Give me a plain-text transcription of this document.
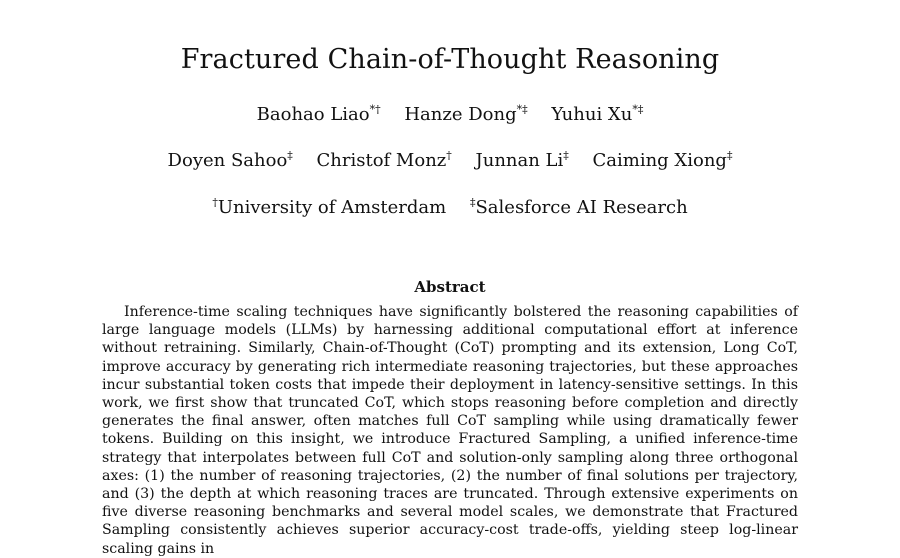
Fractured Chain-of-Thought Reasoning
Baohao Liao*† Hanze Dong*‡ Yuhui Xu*‡
Doyen Sahoo‡ Christof Monz† Junnan Li‡ Caiming Xiong‡
†University of Amsterdam ‡Salesforce AI Research
Abstract
Inference-time scaling techniques have significantly bolstered the reasoning capabilities of large language models (LLMs) by harnessing additional computational effort at inference without retraining. Similarly, Chain-of-Thought (CoT) prompting and its extension, Long CoT, improve accuracy by generating rich intermediate reasoning trajectories, but these approaches incur substantial token costs that impede their deployment in latency-sensitive settings. In this work, we first show that truncated CoT, which stops reasoning before completion and directly generates the final answer, often matches full CoT sampling while using dramatically fewer tokens. Building on this insight, we introduce Fractured Sampling, a unified inference-time strategy that interpolates between full CoT and solution-only sampling along three orthogonal axes: (1) the number of reasoning trajectories, (2) the number of final solutions per trajectory, and (3) the depth at which reasoning traces are truncated. Through extensive experiments on five diverse reasoning benchmarks and several model scales, we demonstrate that Fractured Sampling consistently achieves superior accuracy-cost trade-offs, yielding steep log-linear scaling gains in
